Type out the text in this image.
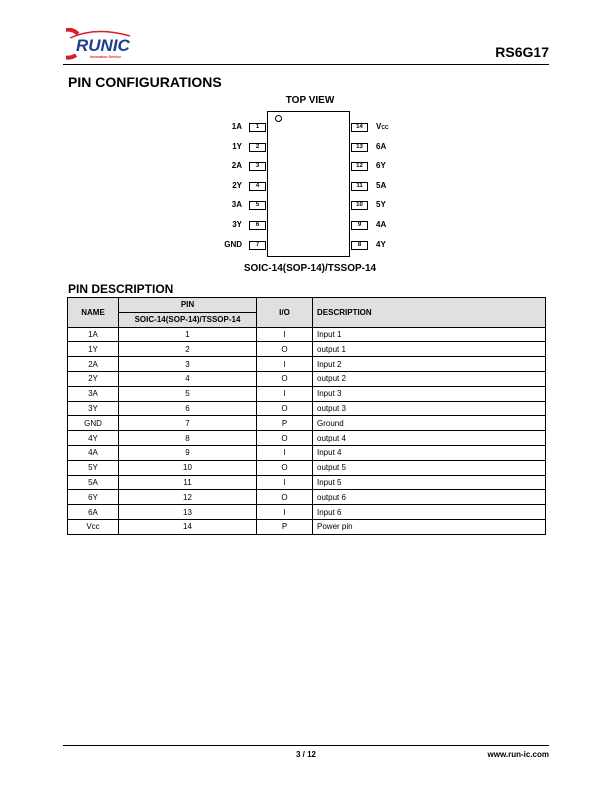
RUNIC
Innovation Service	RS6G17
PIN CONFIGURATIONS
TOP VIEW
1
1A
2
1Y
3
2A
4
2Y
5
3A
6
3Y
7
GND
14	VCC
13	6A
12	6Y
11	5A
10	5Y
9	4A
8	4Y
SOIC-14(SOP-14)/TSSOP-14
PIN DESCRIPTION
NAME	PIN	I/O	DESCRIPTION
	SOIC-14(SOP-14)/TSSOP-14		
1A	1	I	Input 1
1Y	2	O	output 1
2A	3	I	Input 2
2Y	4	O	output 2
3A	5	I	Input 3
3Y	6	O	output 3
GND	7	P	Ground
4Y	8	O	output 4
4A	9	I	Input 4
5Y	10	O	output 5
5A	11	I	Input 5
6Y	12	O	output 6
6A	13	I	Input 6
Vcc	14	P	Power pin
3 / 12	www.run-ic.com
